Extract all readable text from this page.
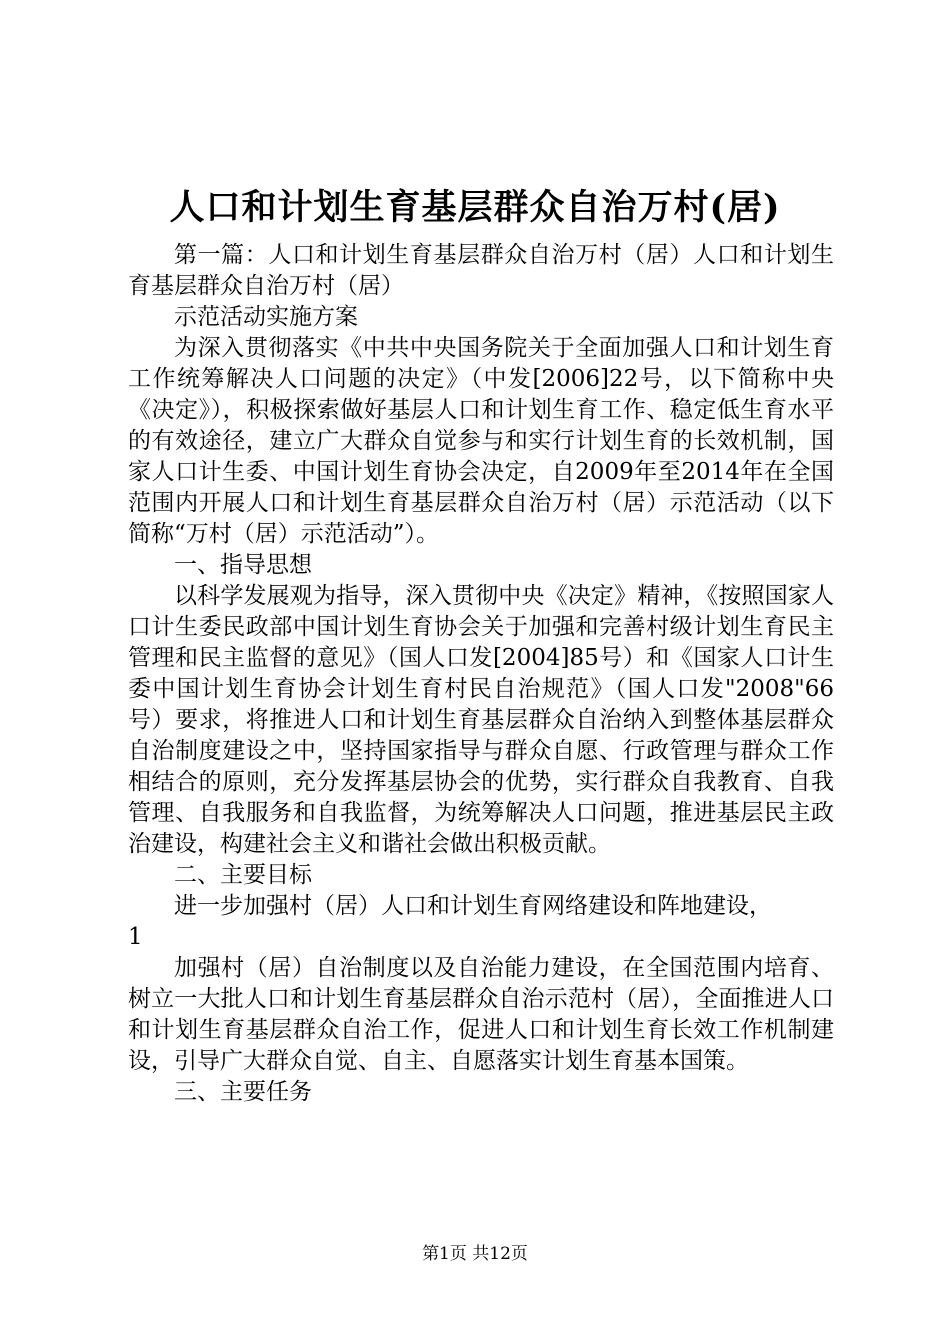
人口和计划生育基层群众自治万村(居)

第一篇：人口和计划生育基层群众自治万村（居）人口和计划生育基层群众自治万村（居）

示范活动实施方案

为深入贯彻落实《中共中央国务院关于全面加强人口和计划生育工作统筹解决人口问题的决定》（中发[2006]22号，以下简称中央《决定》），积极探索做好基层人口和计划生育工作、稳定低生育水平的有效途径，建立广大群众自觉参与和实行计划生育的长效机制，国家人口计生委、中国计划生育协会决定，自2009年至2014年在全国范围内开展人口和计划生育基层群众自治万村（居）示范活动（以下简称“万村（居）示范活动”）。

一、指导思想

以科学发展观为指导，深入贯彻中央《决定》精神，《按照国家人口计生委民政部中国计划生育协会关于加强和完善村级计划生育民主管理和民主监督的意见》（国人口发[2004]85号）和《国家人口计生委中国计划生育协会计划生育村民自治规范》（国人口发"2008"66号）要求，将推进人口和计划生育基层群众自治纳入到整体基层群众自治制度建设之中，坚持国家指导与群众自愿、行政管理与群众工作相结合的原则，充分发挥基层协会的优势，实行群众自我教育、自我管理、自我服务和自我监督，为统筹解决人口问题，推进基层民主政治建设，构建社会主义和谐社会做出积极贡献。

二、主要目标

进一步加强村（居）人口和计划生育网络建设和阵地建设，

1

加强村（居）自治制度以及自治能力建设，在全国范围内培育、树立一大批人口和计划生育基层群众自治示范村（居），全面推进人口和计划生育基层群众自治工作，促进人口和计划生育长效工作机制建设，引导广大群众自觉、自主、自愿落实计划生育基本国策。

三、主要任务

第1页 共12页
